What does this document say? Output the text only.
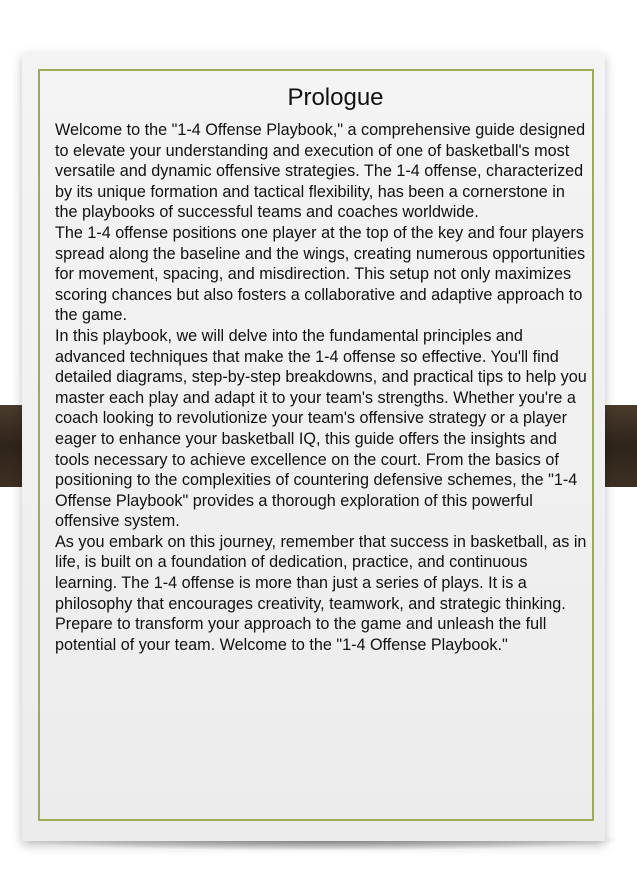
Prologue

Welcome to the "1-4 Offense Playbook," a comprehensive guide designed to elevate your understanding and execution of one of basketball's most versatile and dynamic offensive strategies. The 1-4 offense, characterized by its unique formation and tactical flexibility, has been a cornerstone in the playbooks of successful teams and coaches worldwide.

The 1-4 offense positions one player at the top of the key and four players spread along the baseline and the wings, creating numerous opportunities for movement, spacing, and misdirection. This setup not only maximizes scoring chances but also fosters a collaborative and adaptive approach to the game.

In this playbook, we will delve into the fundamental principles and advanced techniques that make the 1-4 offense so effective. You'll find detailed diagrams, step-by-step breakdowns, and practical tips to help you master each play and adapt it to your team's strengths. Whether you're a coach looking to revolutionize your team's offensive strategy or a player eager to enhance your basketball IQ, this guide offers the insights and tools necessary to achieve excellence on the court. From the basics of positioning to the complexities of countering defensive schemes, the "1-4 Offense Playbook" provides a thorough exploration of this powerful offensive system.

As you embark on this journey, remember that success in basketball, as in life, is built on a foundation of dedication, practice, and continuous learning. The 1-4 offense is more than just a series of plays. It is a philosophy that encourages creativity, teamwork, and strategic thinking.

Prepare to transform your approach to the game and unleash the full potential of your team. Welcome to the "1-4 Offense Playbook."
